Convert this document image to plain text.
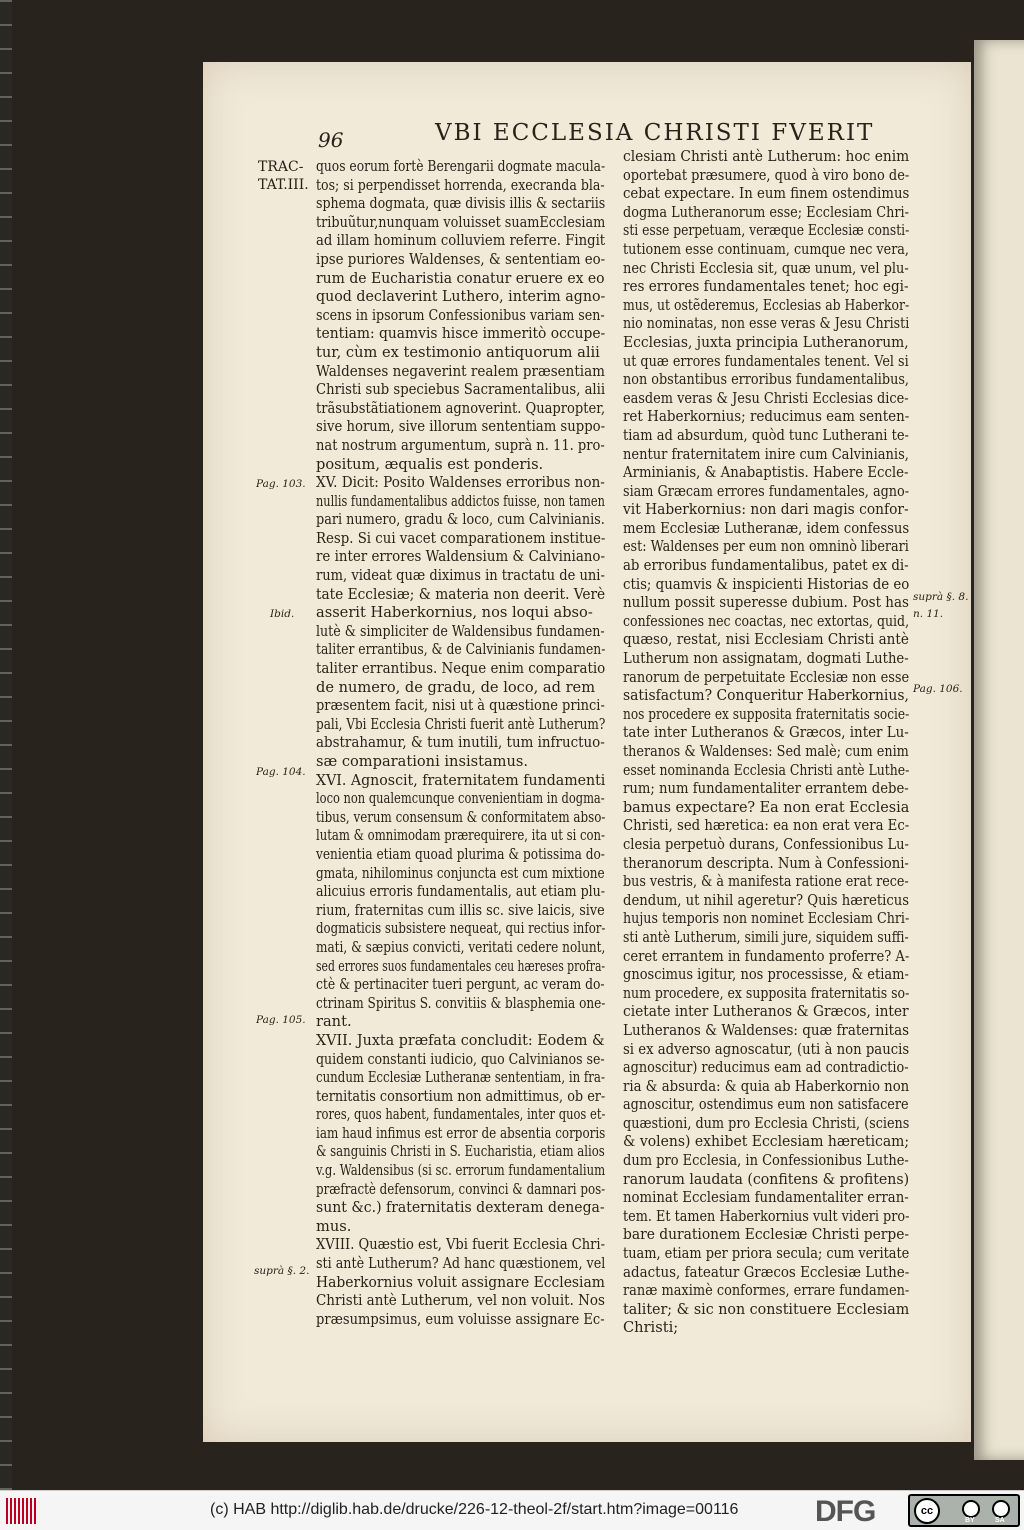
96	VBI ECCLESIA CHRISTI FVERIT
TRAC-
TAT.III.
quos eorum fortè Berengarii dogmate macula-
tos; si perpendisset horrenda, execranda bla-
sphema dogmata, quæ divisis illis & sectariis
tribuũtur,nunquam voluisset suamEcclesiam
ad illam hominum colluviem referre. Fingit
ipse puriores Waldenses, & sententiam eo-
rum de Eucharistia conatur eruere ex eo
quod declaverint Luthero, interim agno-
scens in ipsorum Confessionibus variam sen-
tentiam: quamvis hisce immeritò occupe-
tur, cùm ex testimonio antiquorum alii
Waldenses negaverint realem præsentiam
Christi sub speciebus Sacramentalibus, alii
trãsubstãtiationem agnoverint. Quapropter,
sive horum, sive illorum sententiam suppo-
nat nostrum argumentum, suprà n. 11. pro-
positum, æqualis est ponderis.
XV. Dicit: Posito Waldenses erroribus non-
nullis fundamentalibus addictos fuisse, non tamen
pari numero, gradu & loco, cum Calvinianis.
Resp. Si cui vacet comparationem institue-
re inter errores Waldensium & Calviniano-
rum, videat quæ diximus in tractatu de uni-
tate Ecclesiæ; & materia non deerit. Verè
asserit Haberkornius, nos loqui abso-
lutè & simpliciter de Waldensibus fundamen-
taliter errantibus, & de Calvinianis fundamen-
taliter errantibus. Neque enim comparatio
de numero, de gradu, de loco, ad rem
præsentem facit, nisi ut à quæstione princi-
pali, Vbi Ecclesia Christi fuerit antè Lutherum?
abstrahamur, & tum inutili, tum infructuo-
sæ comparationi insistamus.
XVI. Agnoscit, fraternitatem fundamenti
loco non qualemcunque convenientiam in dogma-
tibus, verum consensum & conformitatem abso-
lutam & omnimodam prærequirere, ita ut si con-
venientia etiam quoad plurima & potissima do-
gmata, nihilominus conjuncta est cum mixtione
alicuius erroris fundamentalis, aut etiam plu-
rium, fraternitas cum illis sc. sive laicis, sive
dogmaticis subsistere nequeat, qui rectius infor-
mati, & sæpius convicti, veritati cedere nolunt,
sed errores suos fundamentales ceu hæreses profra-
ctè & pertinaciter tueri pergunt, ac veram do-
ctrinam Spiritus S. convitiis & blasphemia one-
rant.
XVII. Juxta præfata concludit: Eodem &
quidem constanti iudicio, quo Calvinianos se-
cundum Ecclesiæ Lutheranæ sententiam, in fra-
ternitatis consortium non admittimus, ob er-
rores, quos habent, fundamentales, inter quos et-
iam haud infimus est error de absentia corporis
& sanguinis Christi in S. Eucharistia, etiam alios
v.g. Waldensibus (si sc. errorum fundamentalium
præfractè defensorum, convinci & damnari pos-
sunt &c.) fraternitatis dexteram denega-
mus.
XVIII. Quæstio est, Vbi fuerit Ecclesia Chri-
sti antè Lutherum? Ad hanc quæstionem, vel
Haberkornius voluit assignare Ecclesiam
Christi antè Lutherum, vel non voluit. Nos
præsumpsimus, eum voluisse assignare Ec-
clesiam Christi antè Lutherum: hoc enim
oportebat præsumere, quod à viro bono de-
cebat expectare. In eum finem ostendimus
dogma Lutheranorum esse; Ecclesiam Chri-
sti esse perpetuam, veræque Ecclesiæ consti-
tutionem esse continuam, cumque nec vera,
nec Christi Ecclesia sit, quæ unum, vel plu-
res errores fundamentales tenet; hoc egi-
mus, ut ostẽderemus, Ecclesias ab Haberkor-
nio nominatas, non esse veras & Jesu Christi
Ecclesias, juxta principia Lutheranorum,
ut quæ errores fundamentales tenent. Vel si
non obstantibus erroribus fundamentalibus,
easdem veras & Jesu Christi Ecclesias dice-
ret Haberkornius; reducimus eam senten-
tiam ad absurdum, quòd tunc Lutherani te-
nentur fraternitatem inire cum Calvinianis,
Arminianis, & Anabaptistis. Habere Eccle-
siam Græcam errores fundamentales, agno-
vit Haberkornius: non dari magis confor-
mem Ecclesiæ Lutheranæ, idem confessus
est: Waldenses per eum non omninò liberari
ab erroribus fundamentalibus, patet ex di-
ctis; quamvis & inspicienti Historias de eo
nullum possit superesse dubium. Post has
confessiones nec coactas, nec extortas, quid,
quæso, restat, nisi Ecclesiam Christi antè
Lutherum non assignatam, dogmati Luthe-
ranorum de perpetuitate Ecclesiæ non esse
satisfactum? Conqueritur Haberkornius,
nos procedere ex suppositа fraternitatis socie-
tate inter Lutheranos & Græcos, inter Lu-
theranos & Waldenses: Sed malè; cum enim
esset nominanda Ecclesia Christi antè Luthe-
rum; num fundamentaliter errantem debe-
bamus expectare? Ea non erat Ecclesia
Christi, sed hæretica: ea non erat vera Ec-
clesia perpetuò durans, Confessionibus Lu-
theranorum descripta. Num à Confessioni-
bus vestris, & à manifesta ratione erat rece-
dendum, ut nihil ageretur? Quis hæreticus
hujus temporis non nominet Ecclesiam Chri-
sti antè Lutherum, simili jure, siquidem suffi-
ceret errantem in fundamento proferre? A-
gnoscimus igitur, nos processisse, & etiam-
num procedere, ex supposita fraternitatis so-
cietate inter Lutheranos & Græcos, inter
Lutheranos & Waldenses: quæ fraternitas
si ex adverso agnoscatur, (uti à non paucis
agnoscitur) reducimus eam ad contradictio-
ria & absurda: & quia ab Haberkornio non
agnoscitur, ostendimus eum non satisfacere
quæstioni, dum pro Ecclesia Christi, (sciens
& volens) exhibet Ecclesiam hæreticam;
dum pro Ecclesia, in Confessionibus Luthe-
ranorum laudata (confitens & profitens)
nominat Ecclesiam fundamentaliter erran-
tem. Et tamen Haberkornius vult videri pro-
bare durationem Ecclesiæ Christi perpe-
tuam, etiam per priora secula; cum veritate
adactus, fateatur Græcos Ecclesiæ Luthe-
ranæ maximè conformes, errare fundamen-
taliter; & sic non constituere Ecclesiam
Christi;
Pag. 103.
Ibid.
Pag. 104.
Pag. 105.
suprà §. 2.
suprà §. 8.
n. 11.
Pag. 106.
(c) HAB http://diglib.hab.de/drucke/226-12-theol-2f/start.htm?image=00116	DFG	cc
BY	SA
